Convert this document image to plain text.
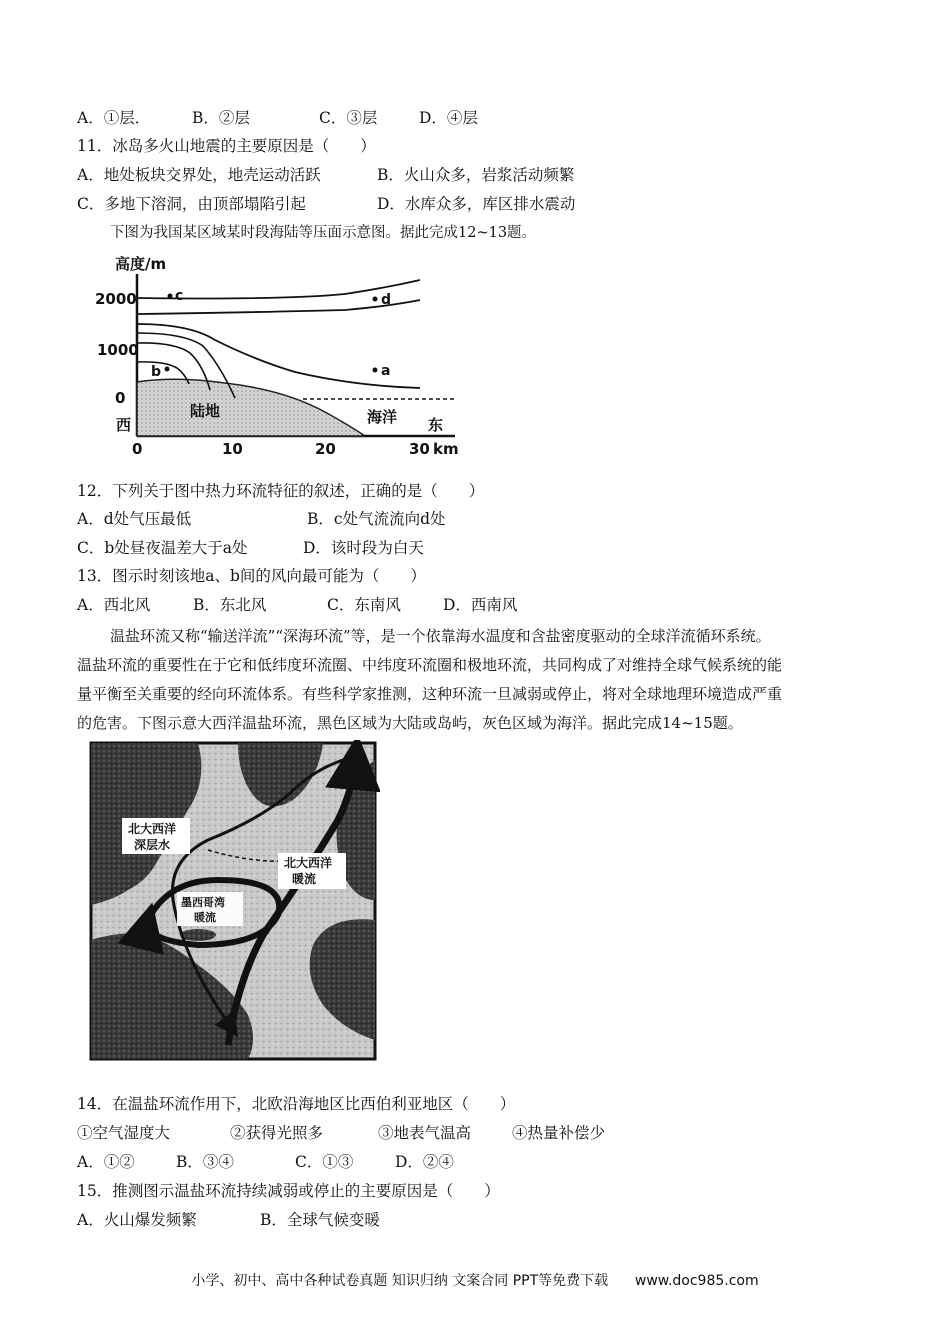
A．①层．	B．②层	C．③层	D．④层
11．冰岛多火山地震的主要原因是（　　）
A．地处板块交界处，地壳运动活跃	B．火山众多，岩浆活动频繁
C．多地下溶洞，由顶部塌陷引起	D．水库众多，库区排水震动
下图为我国某区域某时段海陆等压面示意图。据此完成12~13题。
高度/m
2000
1000
0
西
0	10	20	30 km
陆地	海洋 东
c	d
b	a
12．下列关于图中热力环流特征的叙述，正确的是（　　）
A．d处气压最低	B．c处气流流向d处
C．b处昼夜温差大于a处	D．该时段为白天
13．图示时刻该地a、b间的风向最可能为（　　）
A．西北风	B．东北风	C．东南风	D．西南风
温盐环流又称“输送洋流”“深海环流”等，是一个依靠海水温度和含盐密度驱动的全球洋流循环系统。
温盐环流的重要性在于它和低纬度环流圈、中纬度环流圈和极地环流，共同构成了对维持全球气候系统的能
量平衡至关重要的经向环流体系。有些科学家推测，这种环流一旦减弱或停止，将对全球地理环境造成严重
的危害。下图示意大西洋温盐环流，黑色区域为大陆或岛屿，灰色区域为海洋。据此完成14~15题。
北大西洋
深层水
北大西洋
暖流
墨西哥湾
暖流
14．在温盐环流作用下，北欧沿海地区比西伯利亚地区（　　）
①空气湿度大	②获得光照多	③地表气温高	④热量补偿少
A．①②	B．③④	C．①③	D．②④
15．推测图示温盐环流持续减弱或停止的主要原因是（　　）
A．火山爆发频繁	B．全球气候变暖
小学、初中、高中各种试卷真题 知识归纳 文案合同 PPT等免费下载 www.doc985.com
